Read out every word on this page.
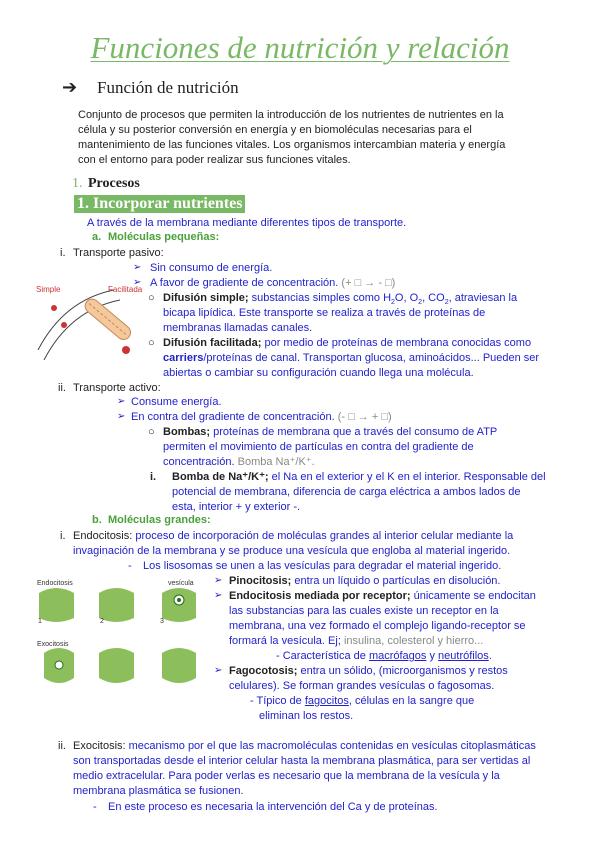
Funciones de nutrición y relación
➔ Función de nutrición
Conjunto de procesos que permiten la introducción de los nutrientes de nutrientes en la
célula y su posterior conversión en energía y en biomoléculas necesarias para el
mantenimiento de las funciones vitales. Los organismos intercambian materia y energía
con el entorno para poder realizar sus funciones vitales.
1. Procesos
1. Incorporar nutrientes
A través de la membrana mediante diferentes tipos de transporte.
a. Moléculas pequeñas:
i. Transporte pasivo:
Simple	Facilitada
➢ Sin consumo de energía.
➢ A favor de gradiente de concentración. (+ □ → - □)
○ Difusión simple; substancias simples como $H_2O$, $O_2$, $CO_2$, atraviesan la
bicapa lipídica. Este transporte se realiza a través de proteínas de
membranas llamadas canales.
○ Difusión facilitada; por medio de proteínas de membrana conocidas como
carriers/proteínas de canal. Transportan glucosa, aminoácidos... Pueden ser
abiertas o cambiar su configuración cuando llega una molécula.
ii. Transporte activo:
➢ Consume energía.
➢ En contra del gradiente de concentración. (- □ → + □)
○ Bombas; proteínas de membrana que a través del consumo de ATP
permiten el movimiento de partículas en contra del gradiente de
concentración. Bomba Na⁺/K⁺.
i. Bomba de Na⁺/K⁺; el Na en el exterior y el K en el interior. Responsable del
potencial de membrana, diferencia de carga eléctrica a ambos lados de
esta, interior + y exterior -.
b. Moléculas grandes:
i. Endocitosis: proceso de incorporación de moléculas grandes al interior celular mediante la
invaginación de la membrana y se produce una vesícula que engloba al material ingerido.
- Los lisosomas se unen a las vesículas para degradar el material ingerido.
Endocitosis	vesícula
Exocitosis
1	2	3
➢ Pinocitosis; entra un líquido o partículas en disolución.
➢ Endocitosis mediada por receptor; únicamente se endocitan
las substancias para las cuales existe un receptor en la
membrana, una vez formado el complejo ligando-receptor se
formará la vesícula. Ej; insulina, colesterol y hierro...
- Característica de macrófagos y neutrófilos.
➢ Fagocotosis; entra un sólido, (microorganismos y restos
celulares). Se forman grandes vesículas o fagosomas.
- Típico de fagocitos, células en la sangre que
eliminan los restos.
ii. Exocitosis: mecanismo por el que las macromoléculas contenidas en vesículas citoplasmáticas
son transportadas desde el interior celular hasta la membrana plasmática, para ser vertidas al
medio extracelular. Para poder verlas es necesario que la membrana de la vesícula y la
membrana plasmática se fusionen.
- En este proceso es necesaria la intervención del Ca y de proteínas.
